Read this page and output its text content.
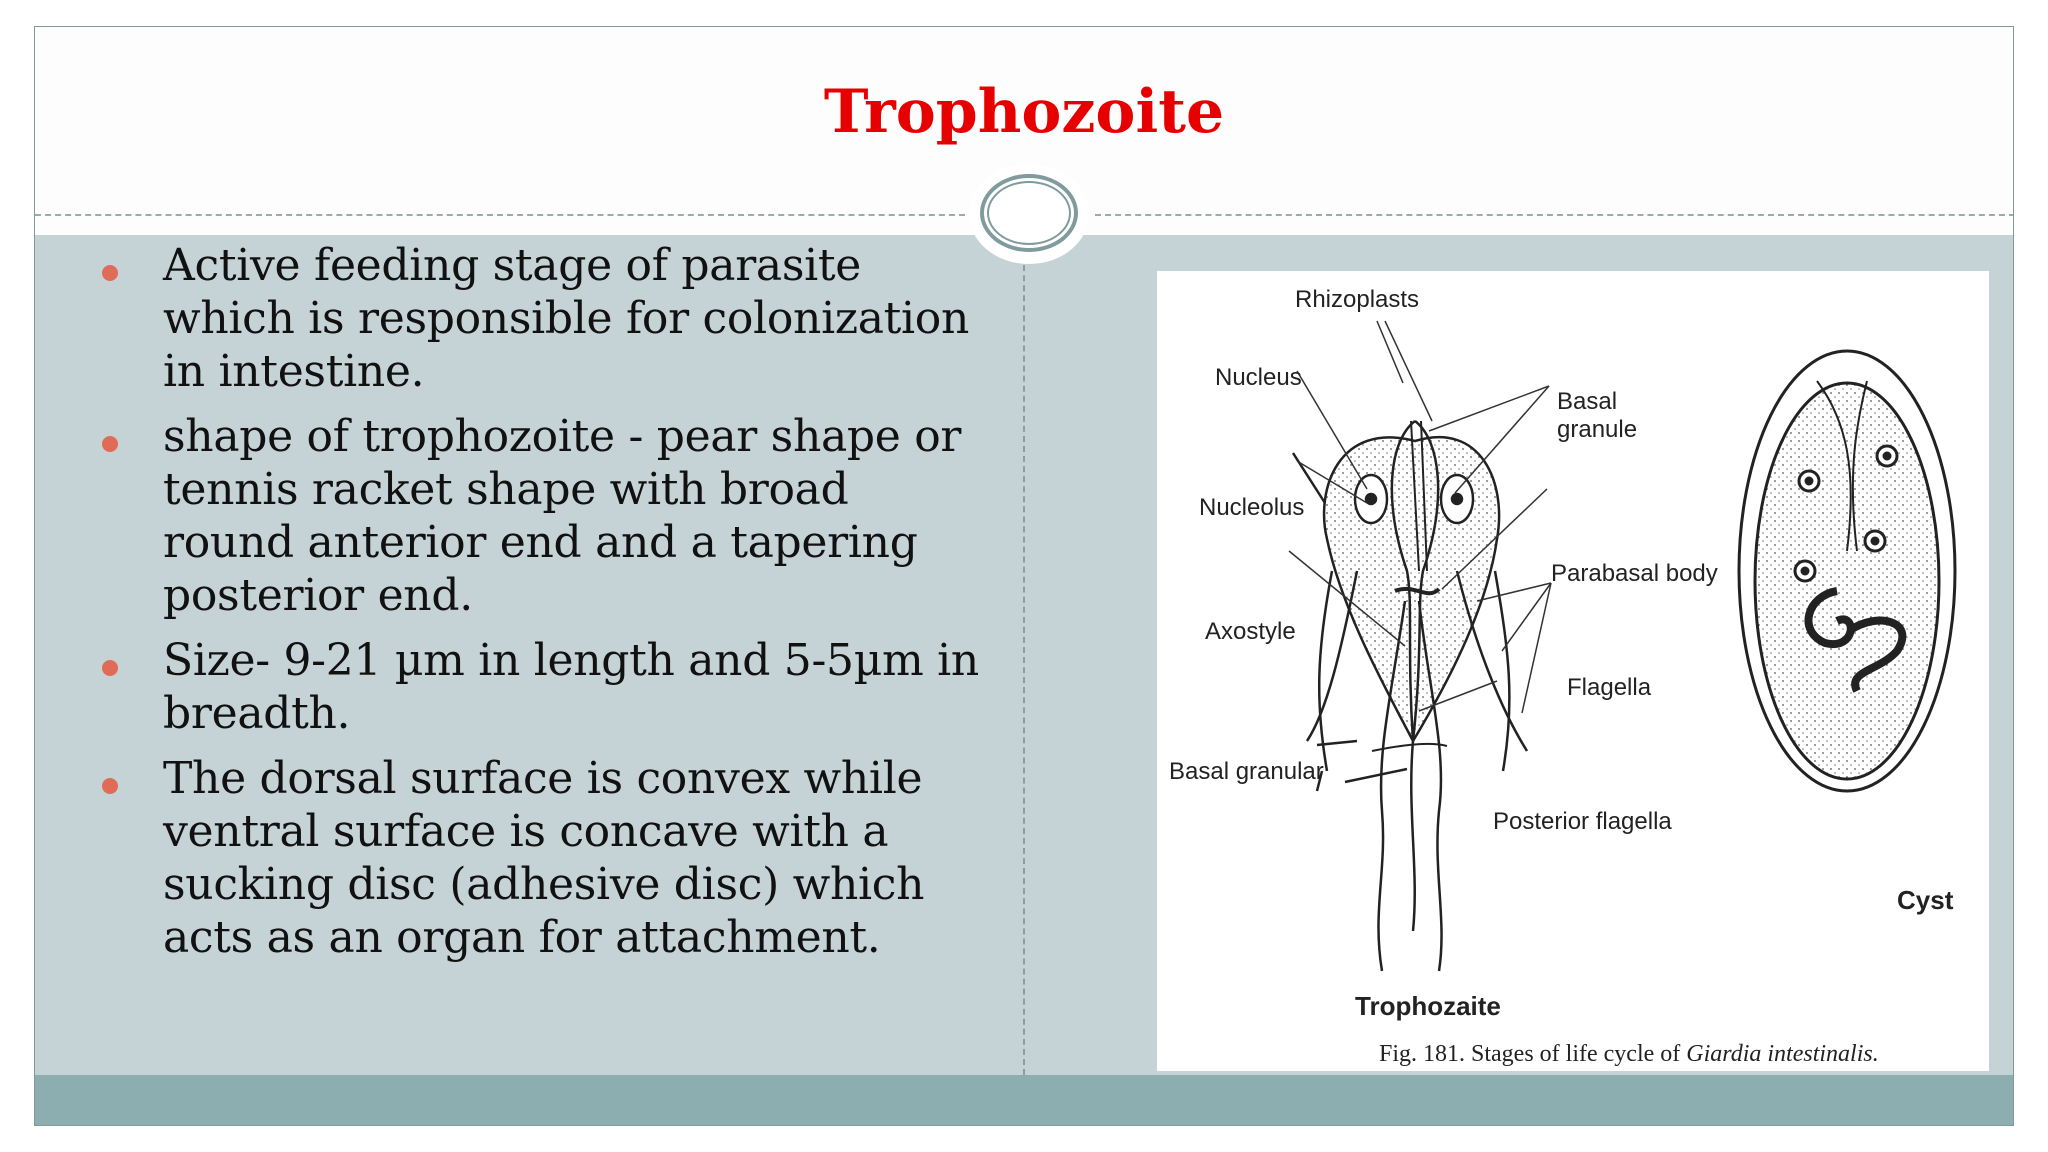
Trophozoite
Active feeding stage of parasite which is responsible for colonization in intestine.
shape of trophozoite - pear shape or tennis racket shape with broad round anterior end and a tapering posterior end.
Size- 9-21 µm in length and 5-5µm in breadth.
The dorsal surface is convex while ventral surface is concave with a sucking disc (adhesive disc) which acts as an organ for attachment.
Rhizoplasts
Nucleus
Basal
granule
Nucleolus
Parabasal body
Axostyle
Flagella
Basal granular
Posterior flagella
Cyst
Trophozaite
Fig. 181. Stages of life cycle of Giardia intestinalis.
